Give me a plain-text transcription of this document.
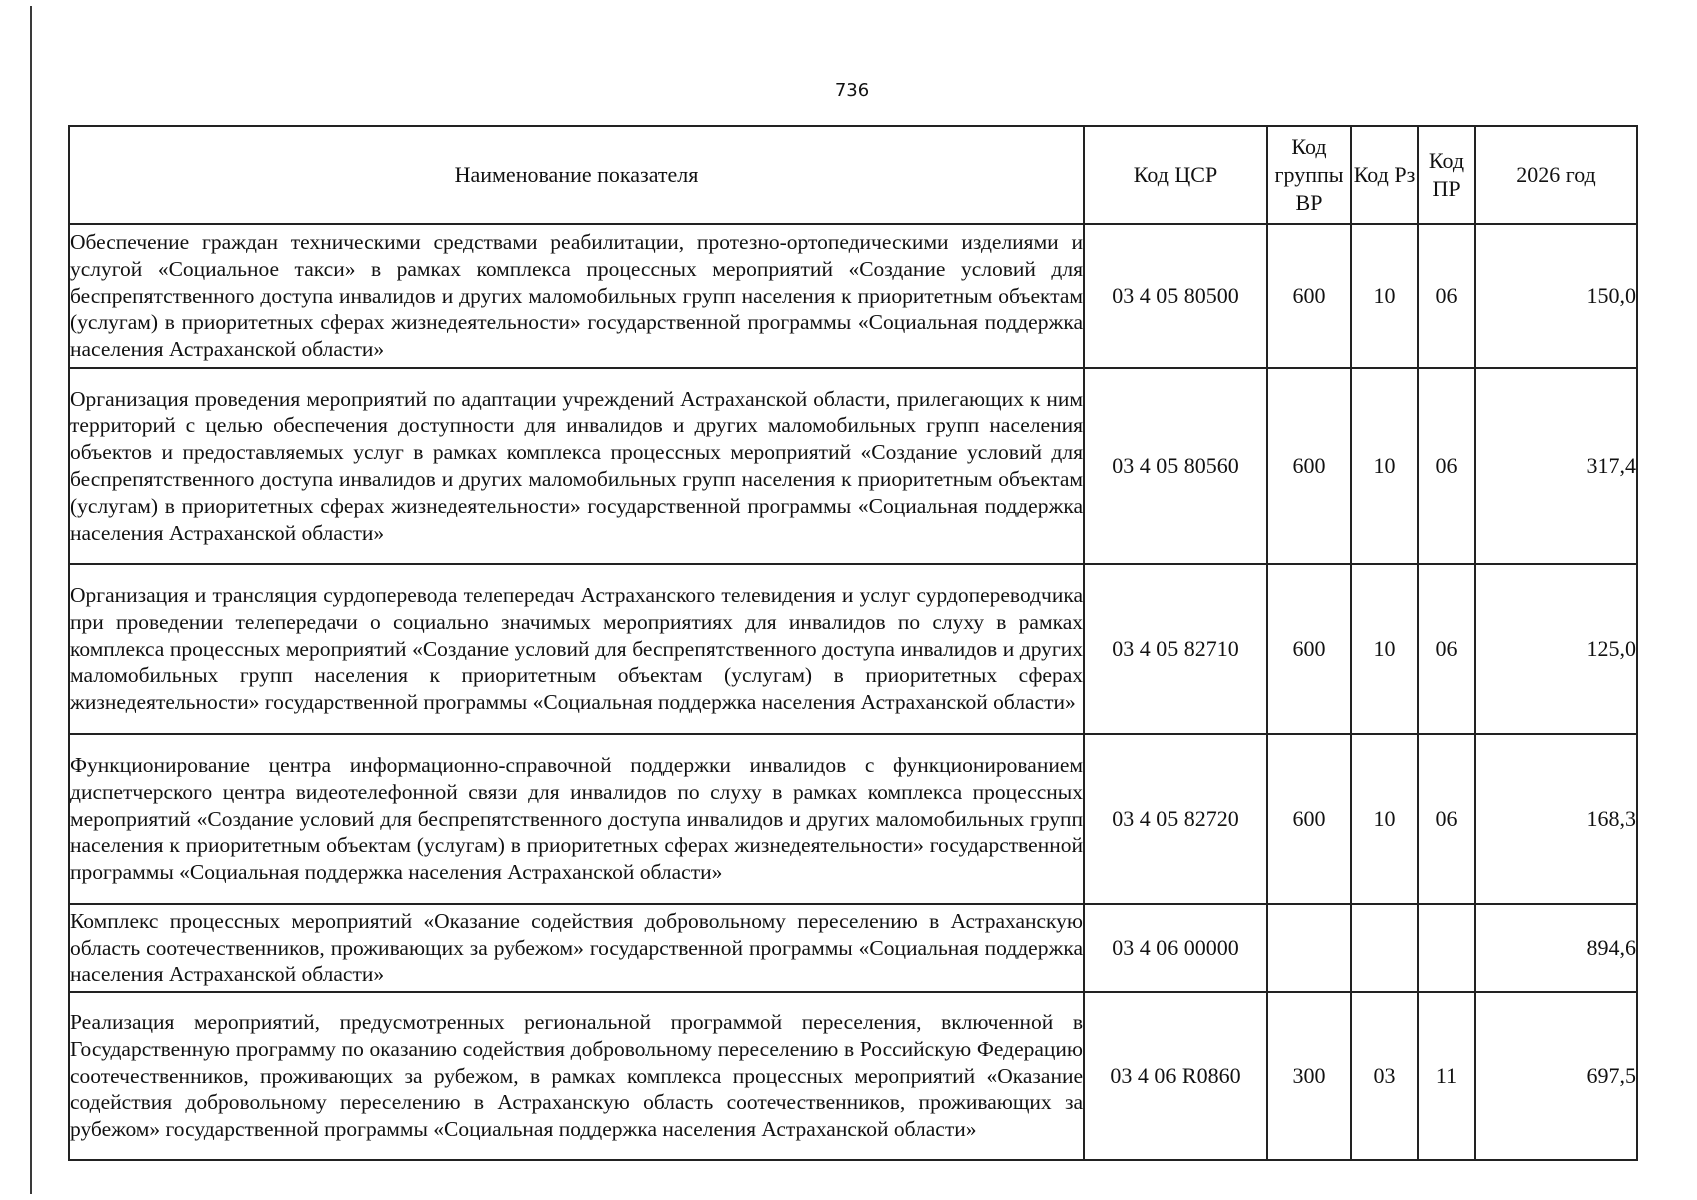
736
Наименование показателя	Код ЦСР	Код группы ВР	Код Рз	Код ПР	2026 год
Обеспечение граждан техническими средствами реабилитации, протезно-ортопедическими изделиями и услугой «Социальное такси» в рамках комплекса процессных мероприятий «Создание условий для беспрепятственного доступа инвалидов и других маломобильных групп населения к приоритетным объектам (услугам) в приоритетных сферах жизнедеятельности» государственной программы «Социальная поддержка населения Астраханской области»	03 4 05 80500	600	10	06	150,0
Организация проведения мероприятий по адаптации учреждений Астраханской области, прилегающих к ним территорий с целью обеспечения доступности для инвалидов и других маломобильных групп населения объектов и предоставляемых услуг в рамках комплекса процессных мероприятий «Создание условий для беспрепятственного доступа инвалидов и других маломобильных групп населения к приоритетным объектам (услугам) в приоритетных сферах жизнедеятельности» государственной программы «Социальная поддержка населения Астраханской области»	03 4 05 80560	600	10	06	317,4
Организация и трансляция сурдоперевода телепередач Астраханского телевидения и услуг сурдопереводчика при проведении телепередачи о социально значимых мероприятиях для инвалидов по слуху в рамках комплекса процессных мероприятий «Создание условий для беспрепятственного доступа инвалидов и других маломобильных групп населения к приоритетным объектам (услугам) в приоритетных сферах жизнедеятельности» государственной программы «Социальная поддержка населения Астраханской области»	03 4 05 82710	600	10	06	125,0
Функционирование центра информационно-справочной поддержки инвалидов с функционированием диспетчерского центра видеотелефонной связи для инвалидов по слуху в рамках комплекса процессных мероприятий «Создание условий для беспрепятственного доступа инвалидов и других маломобильных групп населения к приоритетным объектам (услугам) в приоритетных сферах жизнедеятельности» государственной программы «Социальная поддержка населения Астраханской области»	03 4 05 82720	600	10	06	168,3
Комплекс процессных мероприятий «Оказание содействия добровольному переселению в Астраханскую область соотечественников, проживающих за рубежом» государственной программы «Социальная поддержка населения Астраханской области»	03 4 06 00000				894,6
Реализация мероприятий, предусмотренных региональной программой переселения, включенной в Государственную программу по оказанию содействия добровольному переселению в Российскую Федерацию соотечественников, проживающих за рубежом, в рамках комплекса процессных мероприятий «Оказание содействия добровольному переселению в Астраханскую область соотечественников, проживающих за рубежом» государственной программы «Социальная поддержка населения Астраханской области»	03 4 06 R0860	300	03	11	697,5
